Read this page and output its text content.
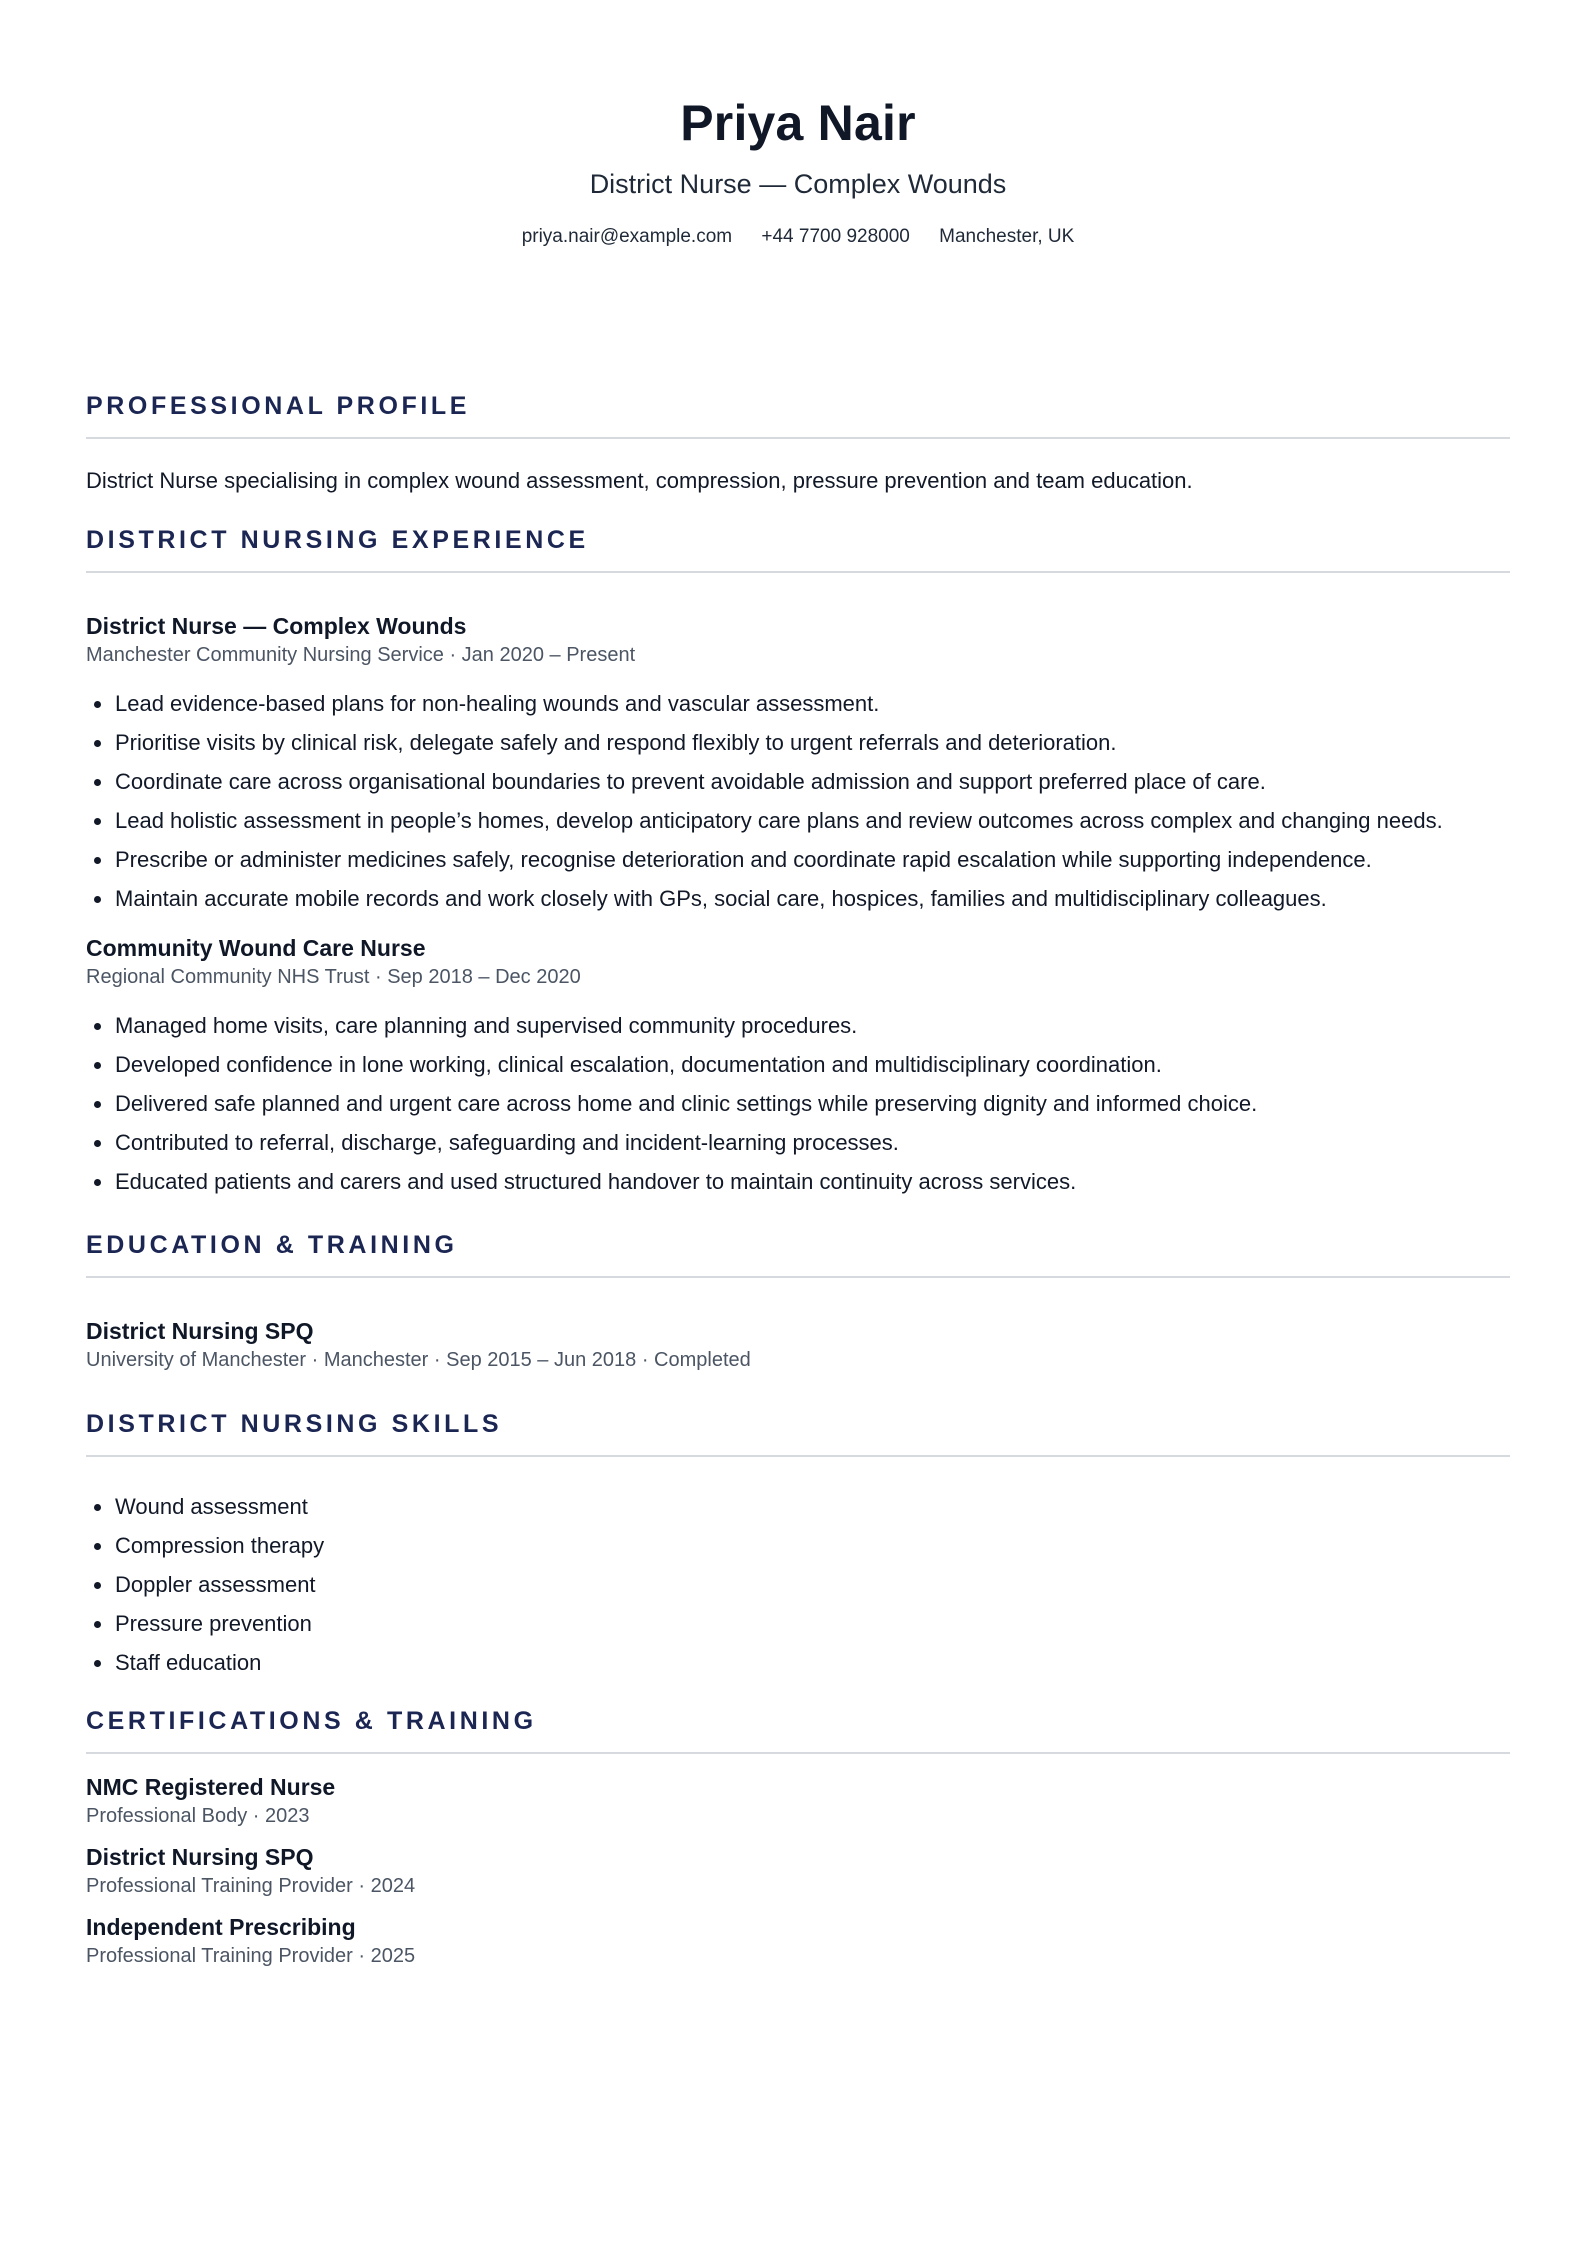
Priya Nair
District Nurse — Complex Wounds
priya.nair@example.com +44 7700 928000 Manchester, UK
PROFESSIONAL PROFILE
District Nurse specialising in complex wound assessment, compression, pressure prevention and team education.
DISTRICT NURSING EXPERIENCE
District Nurse — Complex Wounds
Manchester Community Nursing Service · Jan 2020 – Present
Lead evidence-based plans for non-healing wounds and vascular assessment.
Prioritise visits by clinical risk, delegate safely and respond flexibly to urgent referrals and deterioration.
Coordinate care across organisational boundaries to prevent avoidable admission and support preferred place of care.
Lead holistic assessment in people’s homes, develop anticipatory care plans and review outcomes across complex and changing needs.
Prescribe or administer medicines safely, recognise deterioration and coordinate rapid escalation while supporting independence.
Maintain accurate mobile records and work closely with GPs, social care, hospices, families and multidisciplinary colleagues.
Community Wound Care Nurse
Regional Community NHS Trust · Sep 2018 – Dec 2020
Managed home visits, care planning and supervised community procedures.
Developed confidence in lone working, clinical escalation, documentation and multidisciplinary coordination.
Delivered safe planned and urgent care across home and clinic settings while preserving dignity and informed choice.
Contributed to referral, discharge, safeguarding and incident-learning processes.
Educated patients and carers and used structured handover to maintain continuity across services.
EDUCATION & TRAINING
District Nursing SPQ
University of Manchester · Manchester · Sep 2015 – Jun 2018 · Completed
DISTRICT NURSING SKILLS
Wound assessment
Compression therapy
Doppler assessment
Pressure prevention
Staff education
CERTIFICATIONS & TRAINING
NMC Registered Nurse
Professional Body · 2023
District Nursing SPQ
Professional Training Provider · 2024
Independent Prescribing
Professional Training Provider · 2025
